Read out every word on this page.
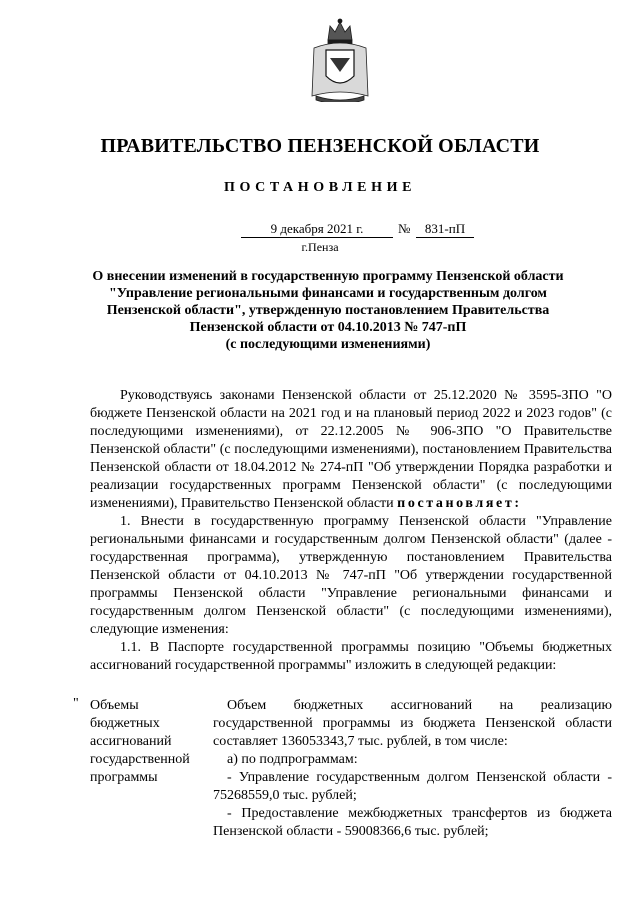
ПРАВИТЕЛЬСТВО ПЕНЗЕНСКОЙ ОБЛАСТИ
ПОСТАНОВЛЕНИЕ
9 декабря 2021 г.	№	831-пП
г.Пенза
О внесении изменений в государственную программу Пензенской области
"Управление региональными финансами и государственным долгом
Пензенской области", утвержденную постановлением Правительства
Пензенской области от 04.10.2013 № 747-пП
(с последующими изменениями)

Руководствуясь законами Пензенской области от 25.12.2020 № 3595-ЗПО "О бюджете Пензенской области на 2021 год и на плановый период 2022 и 2023 годов" (с последующими изменениями), от 22.12.2005 № 906-ЗПО "О Правительстве Пензенской области" (с последующими изменениями), постановлением Правительства Пензенской области от 18.04.2012 № 274-пП "Об утверждении Порядка разработки и реализации государственных программ Пензенской области" (с последующими изменениями), Правительство Пензенской области постановляет:

1. Внести в государственную программу Пензенской области "Управление региональными финансами и государственным долгом Пензенской области" (далее - государственная программа), утвержденную постановлением Правительства Пензенской области от 04.10.2013 № 747-пП "Об утверждении государственной программы Пензенской области "Управление региональными финансами и государственным долгом Пензенской области" (с последующими изменениями), следующие изменения:

1.1. В Паспорте государственной программы позицию "Объемы бюджетных ассигнований государственной программы" изложить в следующей редакции:

" Объемы
бюджетных
ассигнований
государственной
программы

Объем бюджетных ассигнований на реализацию государственной программы из бюджета Пензенской области составляет 136053343,7 тыс. рублей, в том числе:

а) по подпрограммам:

- Управление государственным долгом Пензенской области - 75268559,0 тыс. рублей;

- Предоставление межбюджетных трансфертов из бюджета Пензенской области - 59008366,6 тыс. рублей;
